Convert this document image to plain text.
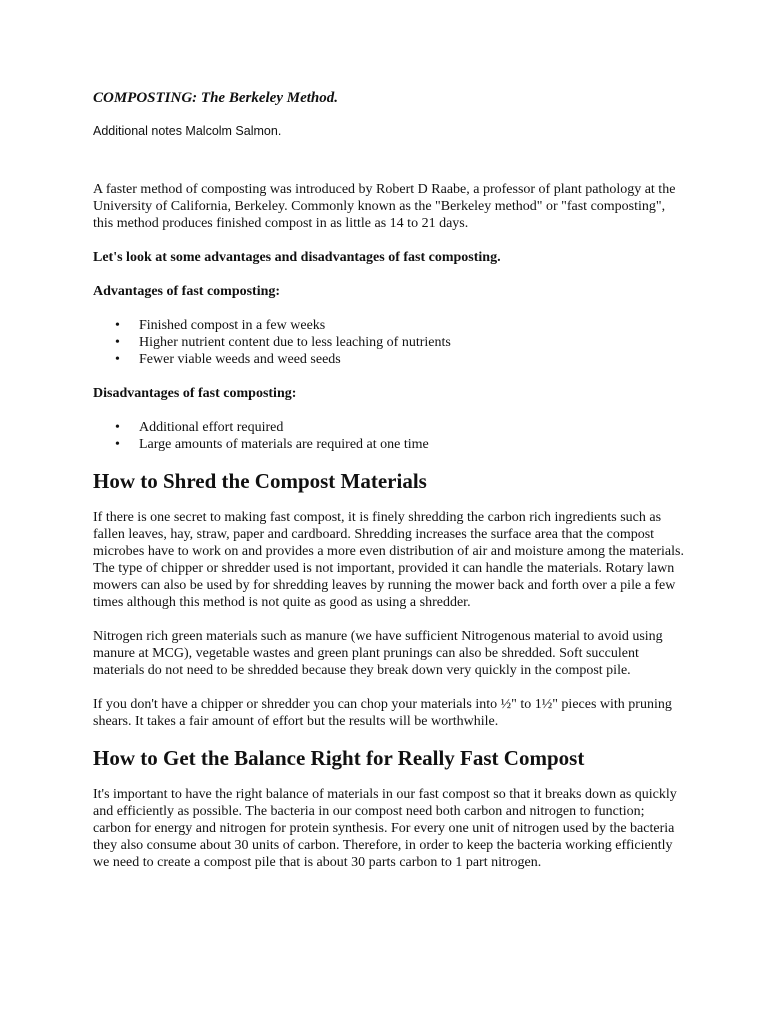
COMPOSTING: The Berkeley Method.

Additional notes Malcolm Salmon.

A faster method of composting was introduced by Robert D Raabe, a professor of plant pathology at the University of California, Berkeley. Commonly known as the "Berkeley method" or "fast composting", this method produces finished compost in as little as 14 to 21 days.

Let's look at some advantages and disadvantages of fast composting.

Advantages of fast composting:

• Finished compost in a few weeks
• Higher nutrient content due to less leaching of nutrients
• Fewer viable weeds and weed seeds

Disadvantages of fast composting:

• Additional effort required
• Large amounts of materials are required at one time
How to Shred the Compost Materials

If there is one secret to making fast compost, it is finely shredding the carbon rich ingredients such as fallen leaves, hay, straw, paper and cardboard. Shredding increases the surface area that the compost microbes have to work on and provides a more even distribution of air and moisture among the materials. The type of chipper or shredder used is not important, provided it can handle the materials. Rotary lawn mowers can also be used by for shredding leaves by running the mower back and forth over a pile a few times although this method is not quite as good as using a shredder.

Nitrogen rich green materials such as manure (we have sufficient Nitrogenous material to avoid using manure at MCG), vegetable wastes and green plant prunings can also be shredded. Soft succulent materials do not need to be shredded because they break down very quickly in the compost pile.

If you don't have a chipper or shredder you can chop your materials into ½" to 1½" pieces with pruning shears. It takes a fair amount of effort but the results will be worthwhile.

How to Get the Balance Right for Really Fast Compost

It's important to have the right balance of materials in our fast compost so that it breaks down as quickly and efficiently as possible. The bacteria in our compost need both carbon and nitrogen to function; carbon for energy and nitrogen for protein synthesis. For every one unit of nitrogen used by the bacteria they also consume about 30 units of carbon. Therefore, in order to keep the bacteria working efficiently we need to create a compost pile that is about 30 parts carbon to 1 part nitrogen.
